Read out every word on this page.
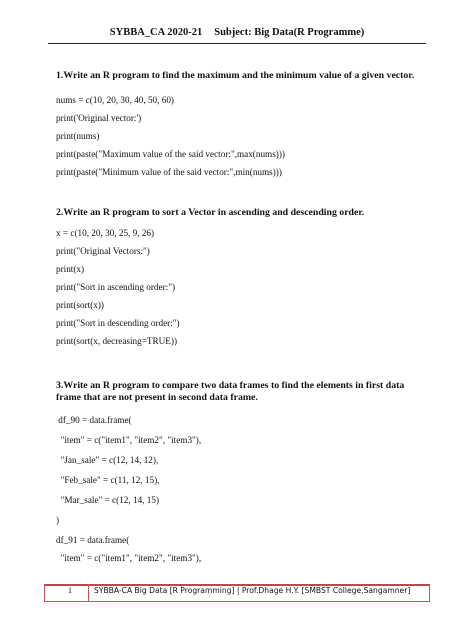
SYBBA_CA 2020-21 Subject: Big Data(R Programme)
1.Write an R program to find the maximum and the minimum value of a given vector.
nums = c(10, 20, 30, 40, 50, 60)
print('Original vector:')
print(nums)
print(paste("Maximum value of the said vector:",max(nums)))
print(paste("Minimum value of the said vector:",min(nums)))
2.Write an R program to sort a Vector in ascending and descending order.
x = c(10, 20, 30, 25, 9, 26)
print("Original Vectors:")
print(x)
print("Sort in ascending order:")
print(sort(x))
print("Sort in descending order:")
print(sort(x, decreasing=TRUE))
3.Write an R program to compare two data frames to find the elements in first data frame that are not present in second data frame.
df_90 = data.frame(
"item" = c("item1", "item2", "item3"),
"Jan_sale" = c(12, 14, 12),
"Feb_sale" = c(11, 12, 15),
"Mar_sale" = c(12, 14, 15)
)
df_91 = data.frame(
"item" = c("item1", "item2", "item3"),
1	SYBBA-CA Big Data [R Programming] | Prof.Dhage H.Y. [SMBST College,Sangamner]
